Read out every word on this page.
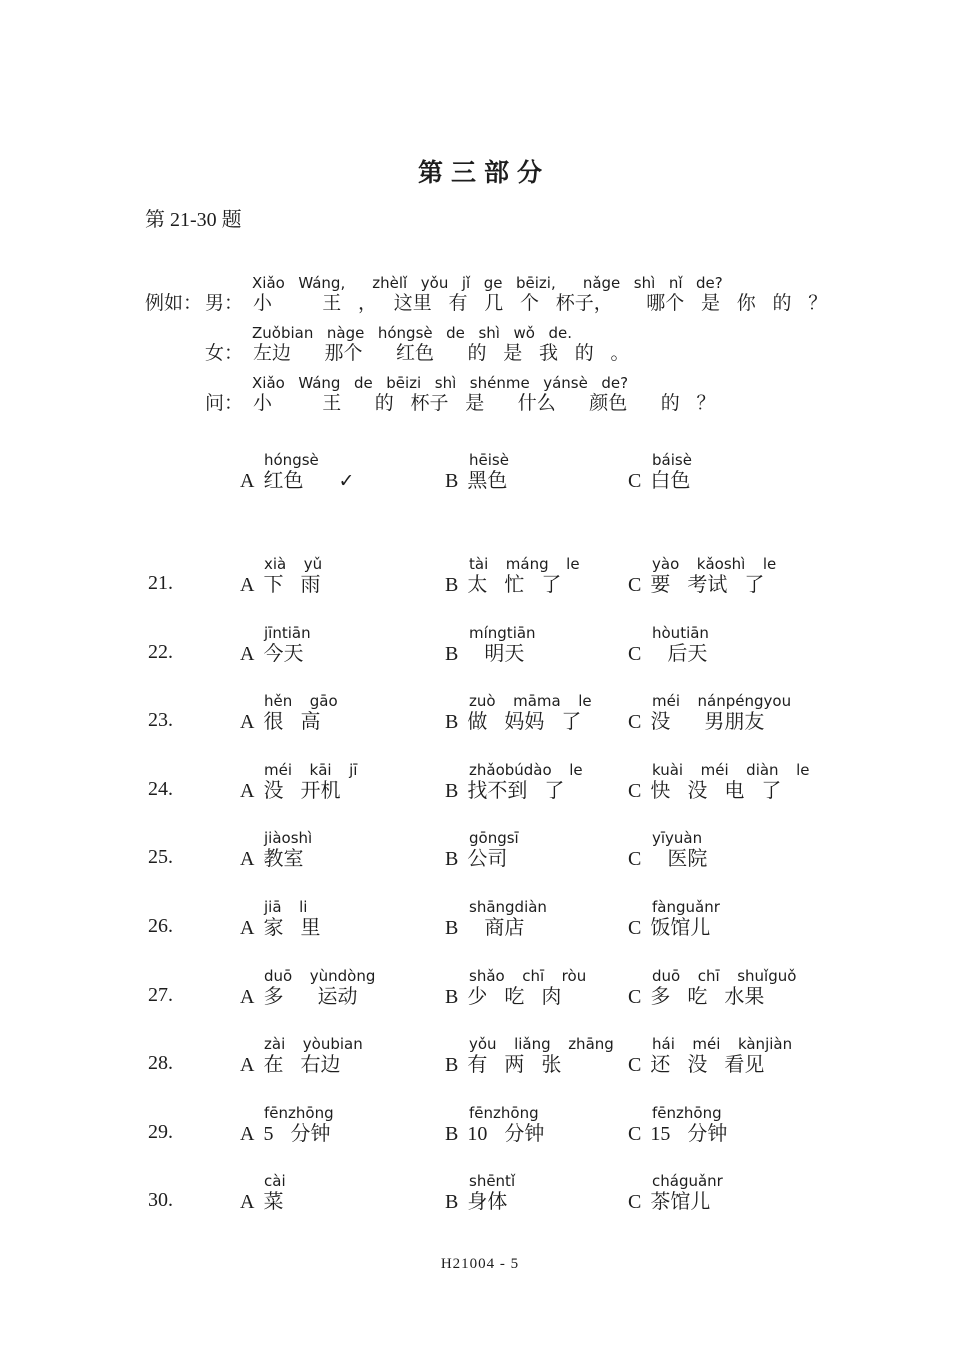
第三部分
第 21-30 题
Xiǎo  Wáng,    zhèlǐ  yǒu  jǐ  ge  bēizi,    nǎge  shì  nǐ  de?
例如： 男： 小   王 ， 这里 有 几 个 杯子，  哪个 是 你 的 ？
Zuǒbian  nàge  hóngsè  de  shì  wǒ  de.
女： 左边  那个  红色  的 是 我 的 。
Xiǎo  Wáng  de  bēizi  shì  shénme  yánsè  de?
问： 小   王  的 杯子 是  什么  颜色  的 ？
hóngsè
A 红色 ✓
hēisè
B 黑色
báisè
C 白色
21.
xià  yǔ
A 下 雨
tài  máng  le
B 太 忙 了
yào  kǎoshì  le
C 要 考试 了
22.
jīntiān
A 今天
míngtiān
B 明天
hòutiān
C 后天
23.
hěn  gāo
A 很 高
zuò  māma  le
B 做 妈妈 了
méi  nánpéngyou
C 没  男朋友
24.
méi  kāi  jī
A 没 开机
zhǎobúdào  le
B 找不到 了
kuài  méi  diàn  le
C 快 没 电 了
25.
jiàoshì
A 教室
gōngsī
B 公司
yīyuàn
C 医院
26.
jiā  li
A 家 里
shāngdiàn
B 商店
fànguǎnr
C 饭馆儿
27.
duō  yùndòng
A 多  运动
shǎo  chī  ròu
B 少 吃 肉
duō  chī  shuǐguǒ
C 多 吃 水果
28.
zài  yòubian
A 在 右边
yǒu  liǎng  zhāng
B 有 两 张
hái  méi  kànjiàn
C 还 没 看见
29.
fēnzhōng
A 5 分钟
fēnzhōng
B 10 分钟
fēnzhōng
C 15 分钟
30.
cài
A 菜
shēntǐ
B 身体
cháguǎnr
C 茶馆儿
H21004 - 5
